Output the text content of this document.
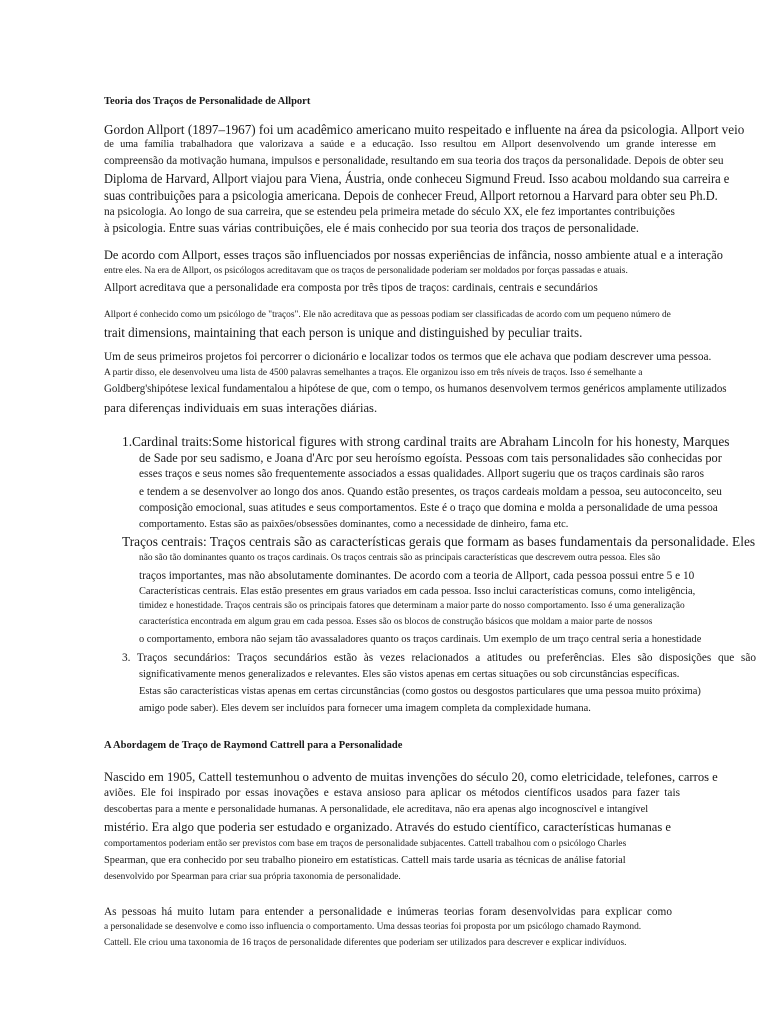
Teoria dos Traços de Personalidade de Allport
Gordon Allport (1897–1967) foi um acadêmico americano muito respeitado e influente na área da psicologia. Allport veio
de uma família trabalhadora que valorizava a saúde e a educação. Isso resultou em Allport desenvolvendo um grande interesse em
compreensão da motivação humana, impulsos e personalidade, resultando em sua teoria dos traços da personalidade. Depois de obter seu
Diploma de Harvard, Allport viajou para Viena, Áustria, onde conheceu Sigmund Freud. Isso acabou moldando sua carreira e
suas contribuições para a psicologia americana. Depois de conhecer Freud, Allport retornou a Harvard para obter seu Ph.D.
na psicologia. Ao longo de sua carreira, que se estendeu pela primeira metade do século XX, ele fez importantes contribuições
à psicologia. Entre suas várias contribuições, ele é mais conhecido por sua teoria dos traços de personalidade.
De acordo com Allport, esses traços são influenciados por nossas experiências de infância, nosso ambiente atual e a interação
entre eles. Na era de Allport, os psicólogos acreditavam que os traços de personalidade poderiam ser moldados por forças passadas e atuais.
Allport acreditava que a personalidade era composta por três tipos de traços: cardinais, centrais e secundários
Allport é conhecido como um psicólogo de "traços". Ele não acreditava que as pessoas podiam ser classificadas de acordo com um pequeno número de
trait dimensions, maintaining that each person is unique and distinguished by peculiar traits.
Um de seus primeiros projetos foi percorrer o dicionário e localizar todos os termos que ele achava que podiam descrever uma pessoa.
A partir disso, ele desenvolveu uma lista de 4500 palavras semelhantes a traços. Ele organizou isso em três níveis de traços. Isso é semelhante a
Goldberg'shipótese lexical fundamentalou a hipótese de que, com o tempo, os humanos desenvolvem termos genéricos amplamente utilizados
para diferenças individuais em suas interações diárias.
1.Cardinal traits:Some historical figures with strong cardinal traits are Abraham Lincoln for his honesty, Marques
de Sade por seu sadismo, e Joana d'Arc por seu heroísmo egoísta. Pessoas com tais personalidades são conhecidas por
esses traços e seus nomes são frequentemente associados a essas qualidades. Allport sugeriu que os traços cardinais são raros
e tendem a se desenvolver ao longo dos anos. Quando estão presentes, os traços cardeais moldam a pessoa, seu autoconceito, seu
composição emocional, suas atitudes e seus comportamentos. Este é o traço que domina e molda a personalidade de uma pessoa
comportamento. Estas são as paixões/obsessões dominantes, como a necessidade de dinheiro, fama etc.
Traços centrais: Traços centrais são as características gerais que formam as bases fundamentais da personalidade. Eles
não são tão dominantes quanto os traços cardinais. Os traços centrais são as principais características que descrevem outra pessoa. Eles são
traços importantes, mas não absolutamente dominantes. De acordo com a teoria de Allport, cada pessoa possui entre 5 e 10
Características centrais. Elas estão presentes em graus variados em cada pessoa. Isso inclui características comuns, como inteligência,
timidez e honestidade. Traços centrais são os principais fatores que determinam a maior parte do nosso comportamento. Isso é uma generalização
característica encontrada em algum grau em cada pessoa. Esses são os blocos de construção básicos que moldam a maior parte de nossos
o comportamento, embora não sejam tão avassaladores quanto os traços cardinais. Um exemplo de um traço central seria a honestidade
3. Traços secundários: Traços secundários estão às vezes relacionados a atitudes ou preferências. Eles são disposições que são
significativamente menos generalizados e relevantes. Eles são vistos apenas em certas situações ou sob circunstâncias específicas.
Estas são características vistas apenas em certas circunstâncias (como gostos ou desgostos particulares que uma pessoa muito próxima)
amigo pode saber). Eles devem ser incluídos para fornecer uma imagem completa da complexidade humana.
A Abordagem de Traço de Raymond Cattrell para a Personalidade
Nascido em 1905, Cattell testemunhou o advento de muitas invenções do século 20, como eletricidade, telefones, carros e
aviões. Ele foi inspirado por essas inovações e estava ansioso para aplicar os métodos científicos usados para fazer tais
descobertas para a mente e personalidade humanas. A personalidade, ele acreditava, não era apenas algo incognoscível e intangível
mistério. Era algo que poderia ser estudado e organizado. Através do estudo científico, características humanas e
comportamentos poderiam então ser previstos com base em traços de personalidade subjacentes. Cattell trabalhou com o psicólogo Charles
Spearman, que era conhecido por seu trabalho pioneiro em estatísticas. Cattell mais tarde usaria as técnicas de análise fatorial
desenvolvido por Spearman para criar sua própria taxonomia de personalidade.
As pessoas há muito lutam para entender a personalidade e inúmeras teorias foram desenvolvidas para explicar como
a personalidade se desenvolve e como isso influencia o comportamento. Uma dessas teorias foi proposta por um psicólogo chamado Raymond.
Cattell. Ele criou uma taxonomia de 16 traços de personalidade diferentes que poderiam ser utilizados para descrever e explicar indivíduos.
